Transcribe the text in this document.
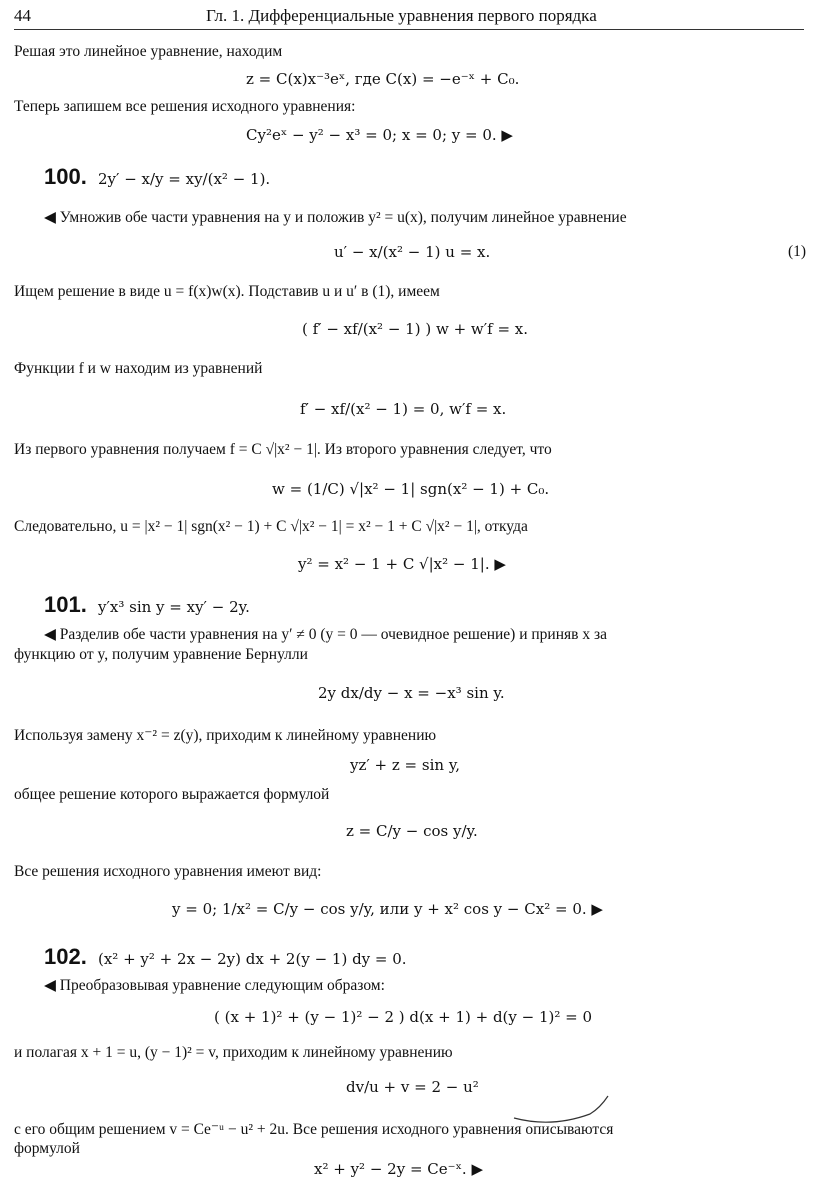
44	Гл. 1. Дифференциальные уравнения первого порядка
Решая это линейное уравнение, находим
z = C(x)x⁻³eˣ, где C(x) = −e⁻ˣ + C₀.
Теперь запишем все решения исходного уравнения:
Cy²eˣ − y² − x³ = 0; x = 0; y = 0. ▶
100. 2y′ − x/y = xy/(x² − 1).
◀ Умножив обе части уравнения на y и положив y² = u(x), получим линейное уравнение
u′ − x/(x² − 1) u = x.	(1)
Ищем решение в виде u = f(x)w(x). Подставив u и u′ в (1), имеем
( f′ − xf/(x² − 1) ) w + w′f = x.
Функции f и w находим из уравнений
f′ − xf/(x² − 1) = 0, w′f = x.
Из первого уравнения получаем f = C √|x² − 1|. Из второго уравнения следует, что
w = (1/C) √|x² − 1| sgn(x² − 1) + C₀.
Следовательно, u = |x² − 1| sgn(x² − 1) + C √|x² − 1| = x² − 1 + C √|x² − 1|, откуда
y² = x² − 1 + C √|x² − 1|. ▶
101. y′x³ sin y = xy′ − 2y.
◀ Разделив обе части уравнения на y′ ≠ 0 (y = 0 — очевидное решение) и приняв x за
функцию от y, получим уравнение Бернулли
2y dx/dy − x = −x³ sin y.
Используя замену x⁻² = z(y), приходим к линейному уравнению
yz′ + z = sin y,
общее решение которого выражается формулой
z = C/y − cos y/y.
Все решения исходного уравнения имеют вид:
y = 0; 1/x² = C/y − cos y/y, или y + x² cos y − Cx² = 0. ▶
102. (x² + y² + 2x − 2y) dx + 2(y − 1) dy = 0.
◀ Преобразовывая уравнение следующим образом:
( (x + 1)² + (y − 1)² − 2 ) d(x + 1) + d(y − 1)² = 0
и полагая x + 1 = u, (y − 1)² = v, приходим к линейному уравнению
dv/u + v = 2 − u²
с его общим решением v = Ce⁻ᵘ − u² + 2u. Все решения исходного уравнения описываются
формулой
x² + y² − 2y = Ce⁻ˣ. ▶
